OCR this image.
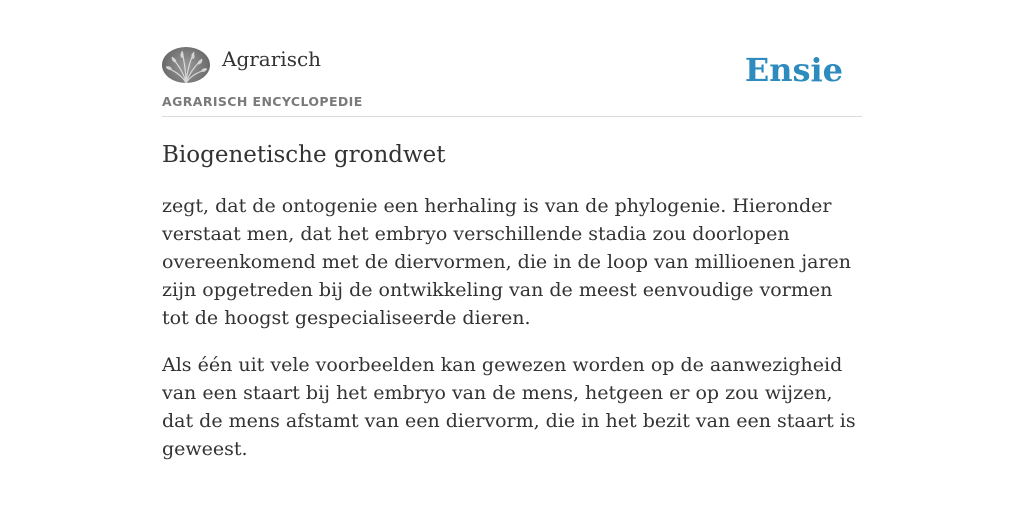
Agrarisch
AGRARISCH ENCYCLOPEDIE
Ensie
Biogenetische grondwet

zegt, dat de ontogenie een herhaling is van de phylogenie. Hieronder verstaat men, dat het embryo verschillende stadia zou doorlopen overeenkomend met de diervormen, die in de loop van millioenen jaren zijn opgetreden bij de ontwikkeling van de meest eenvoudige vormen tot de hoogst gespecialiseerde dieren.

Als één uit vele voorbeelden kan gewezen worden op de aanwezigheid van een staart bij het embryo van de mens, hetgeen er op zou wijzen, dat de mens afstamt van een diervorm, die in het bezit van een staart is geweest.
